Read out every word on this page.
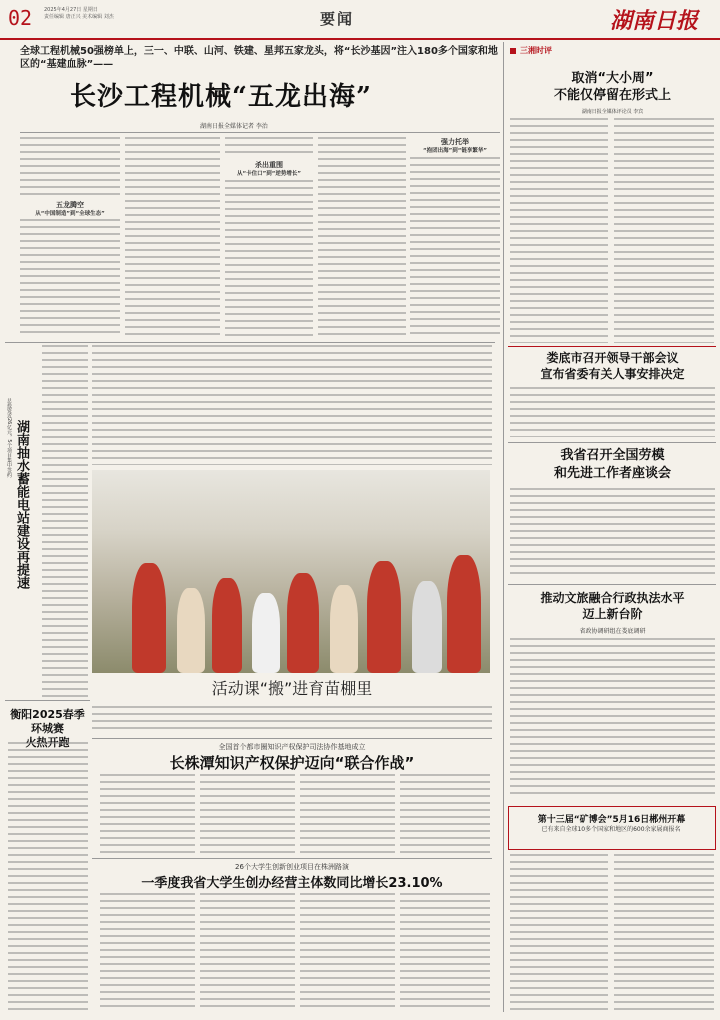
02 2025年4月27日 星期日
责任编辑 唐正兴 美术编辑 刘杰	要闻	湖南日报
全球工程机械50强榜单上，三一、中联、山河、铁建、星邦五家龙头，将“长沙基因”注入180多个国家和地区的“基建血脉”——
长沙工程机械“五龙出海”
湖南日报全媒体记者 李治
五龙腾空
从“中国制造”到“全球生态”
杀出重围
从“卡住口”到“逆势增长”
强力托举
“抱团出海”到“链享繁华”
湖南抽水蓄能电站建设再提速
总投资近26亿元，5个项目集中签约
活动课“搬”进育苗棚里
衡阳2025春季环城赛
火热开跑	全国首个都市圈知识产权保护司法协作基地成立
长株潭知识产权保护迈向“联合作战”
26个大学生创新创业项目在株洲路演
一季度我省大学生创办经营主体数同比增长23.10%
三湘时评
取消“大小周”
不能仅停留在形式上
湖南日报全媒体评论员 李宾
娄底市召开领导干部会议
宣布省委有关人事安排决定
我省召开全国劳模
和先进工作者座谈会
推动文旅融合行政执法水平
迈上新台阶
省政协调研组在娄底调研
第十三届“矿博会”5月16日郴州开幕
已有来自全球10多个国家和地区的600余家展商报名
